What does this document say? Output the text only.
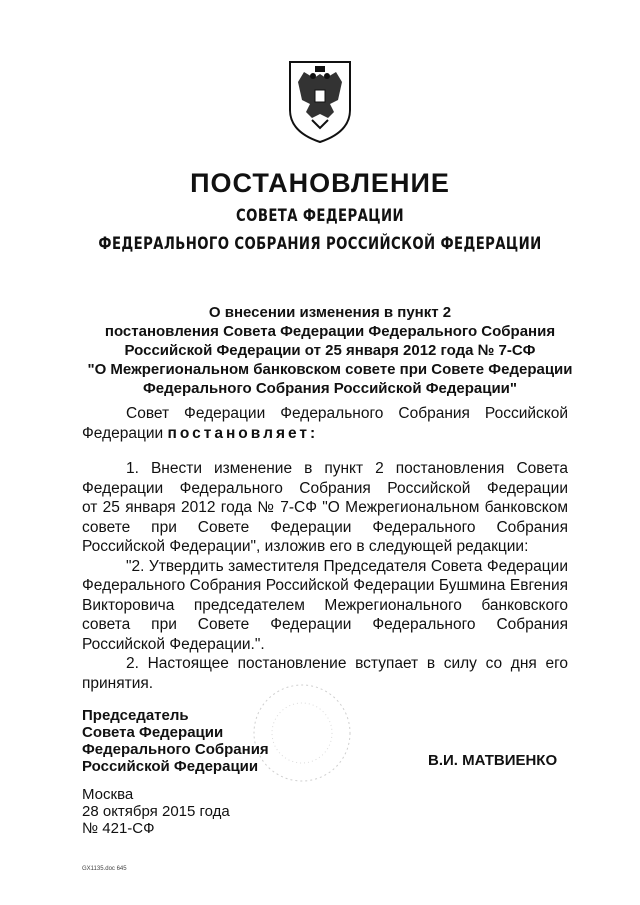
ПОСТАНОВЛЕНИЕ
СОВЕТА ФЕДЕРАЦИИ
ФЕДЕРАЛЬНОГО СОБРАНИЯ РОССИЙСКОЙ ФЕДЕРАЦИИ
О внесении изменения в пункт 2
постановления Совета Федерации Федерального Собрания
Российской Федерации от 25 января 2012 года № 7-СФ
"О Межрегиональном банковском совете при Совете Федерации
Федерального Собрания Российской Федерации"
Совет Федерации Федерального Собрания Российской
Федерации постановляет:
1. Внести изменение в пункт 2 постановления Совета
Федерации Федерального Собрания Российской Федерации
от 25 января 2012 года № 7-СФ "О Межрегиональном банковском
совете при Совете Федерации Федерального Собрания
Российской Федерации", изложив его в следующей редакции:
"2. Утвердить заместителя Председателя Совета Федерации
Федерального Собрания Российской Федерации Бушмина Евгения
Викторовича председателем Межрегионального банковского
совета при Совете Федерации Федерального Собрания
Российской Федерации.".
2. Настоящее постановление вступает в силу со дня его
принятия.
Председатель
Совета Федерации
Федерального Собрания
Российской Федерации	В.И. МАТВИЕНКО
Москва
28 октября 2015 года
№ 421-СФ
GX1135.doc 645
